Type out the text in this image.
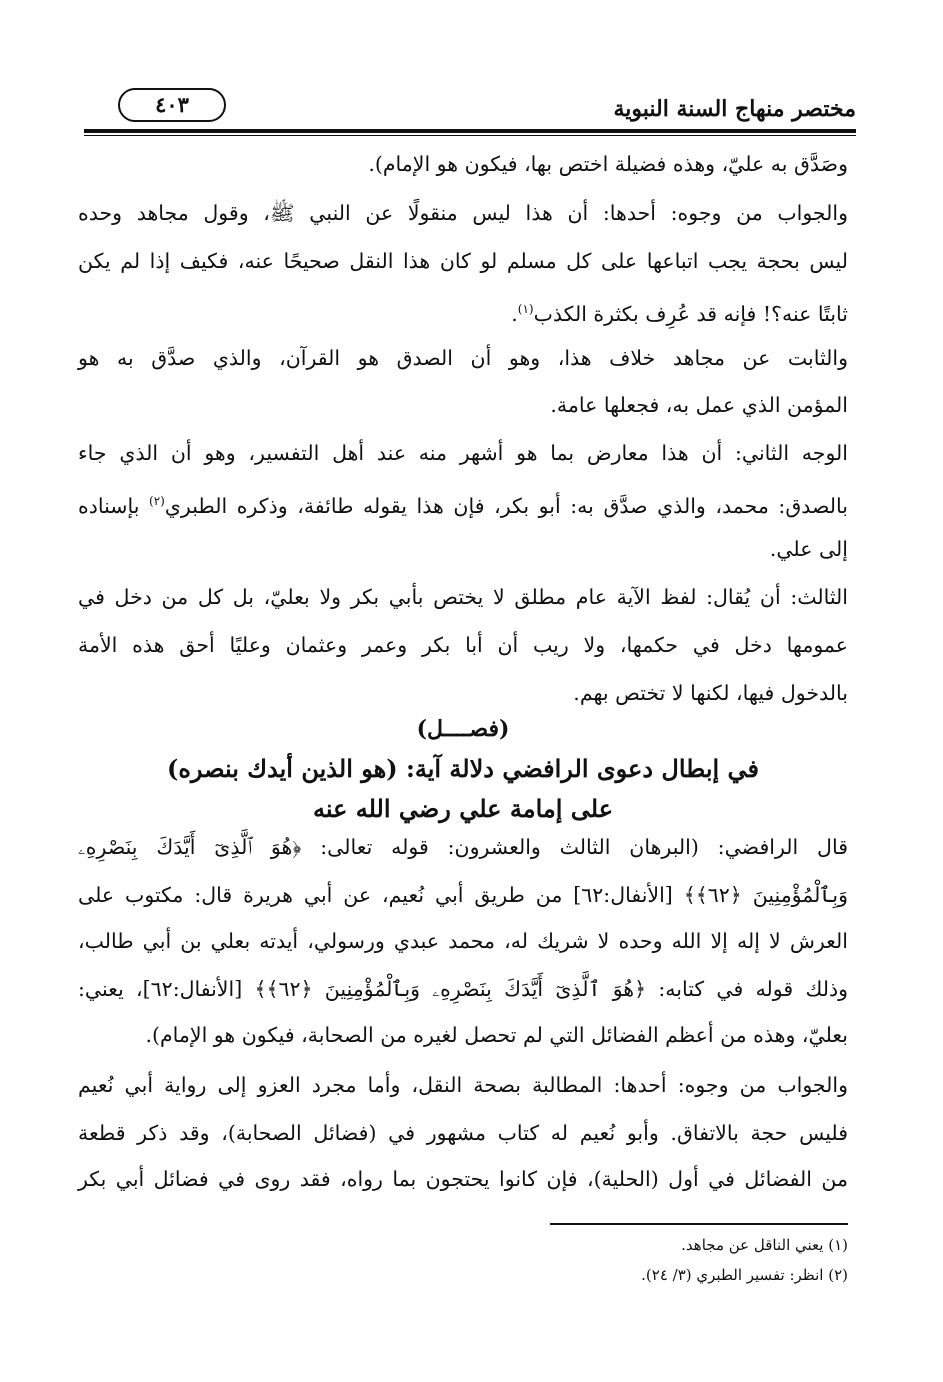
مختصر منهاج السنة النبوية
٤٠٣
وصَدَّق به عليّ، وهذه فضيلة اختص بها، فيكون هو الإمام).
والجواب من وجوه: أحدها: أن هذا ليس منقولًا عن النبي ﷺ، وقول مجاهد وحده
ليس بحجة يجب اتباعها على كل مسلم لو كان هذا النقل صحيحًا عنه، فكيف إذا لم يكن
ثابتًا عنه؟! فإنه قد عُرِف بكثرة الكذب$^{(١)}$.
والثابت عن مجاهد خلاف هذا، وهو أن الصدق هو القرآن، والذي صدَّق به هو
المؤمن الذي عمل به، فجعلها عامة.
الوجه الثاني: أن هذا معارض بما هو أشهر منه عند أهل التفسير، وهو أن الذي جاء
بالصدق: محمد، والذي صدَّق به: أبو بكر، فإن هذا يقوله طائفة، وذكره الطبري$^{(٢)}$ بإسناده
إلى علي.
الثالث: أن يُقال: لفظ الآية عام مطلق لا يختص بأبي بكر ولا بعليّ، بل كل من دخل في
عمومها دخل في حكمها، ولا ريب أن أبا بكر وعمر وعثمان وعليًا أحق هذه الأمة
بالدخول فيها، لكنها لا تختص بهم.
(فصــــل)
في إبطال دعوى الرافضي دلالة آية: (هو الذين أيدك بنصره)
على إمامة علي رضي الله عنه
قال الرافضي: (البرهان الثالث والعشرون: قوله تعالى: ﴿هُوَ ٱلَّذِىٓ أَيَّدَكَ بِنَصْرِهِۦ
وَبِٱلْمُؤْمِنِينَ ﴿٦٢﴾﴾ [الأنفال:٦٢] من طريق أبي نُعيم، عن أبي هريرة قال: مكتوب على
العرش لا إله إلا الله وحده لا شريك له، محمد عبدي ورسولي، أيدته بعلي بن أبي طالب،
وذلك قوله في كتابه: ﴿هُوَ ٱلَّذِىٓ أَيَّدَكَ بِنَصْرِهِۦ وَبِٱلْمُؤْمِنِينَ ﴿٦٢﴾﴾ [الأنفال:٦٢]، يعني:
بعليّ، وهذه من أعظم الفضائل التي لم تحصل لغيره من الصحابة، فيكون هو الإمام).
والجواب من وجوه: أحدها: المطالبة بصحة النقل، وأما مجرد العزو إلى رواية أبي نُعيم
فليس حجة بالاتفاق. وأبو نُعيم له كتاب مشهور في (فضائل الصحابة)، وقد ذكر قطعة
من الفضائل في أول (الحلية)، فإن كانوا يحتجون بما رواه، فقد روى في فضائل أبي بكر
(١) يعني الناقل عن مجاهد.
(٢) انظر: تفسير الطبري (٣/ ٢٤).
